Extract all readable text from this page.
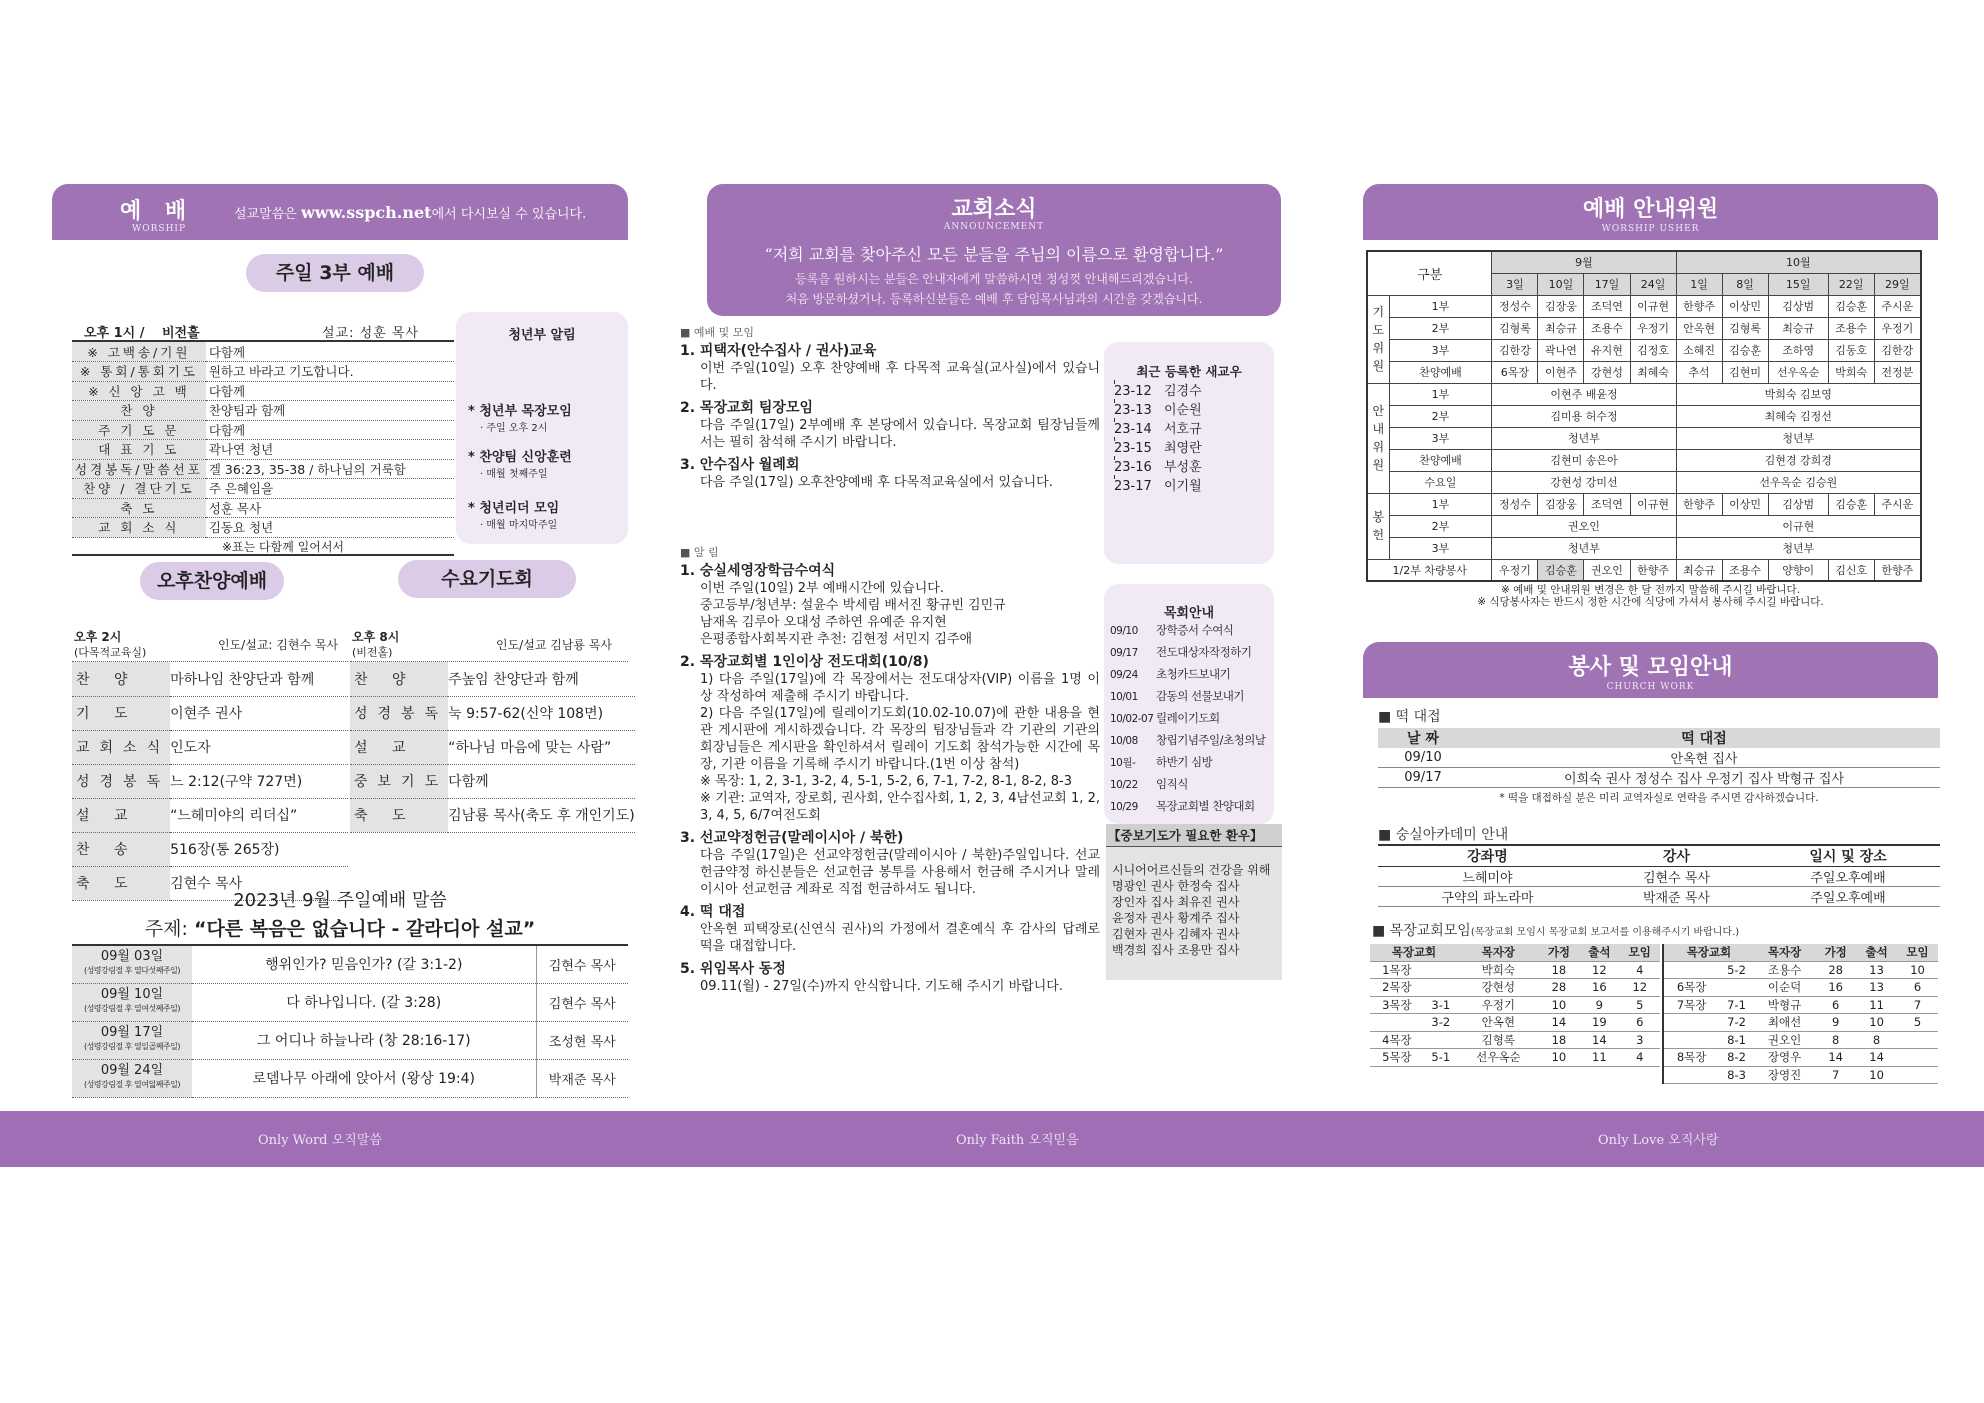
예 배
WORSHIP
설교말씀은 www.sspch.net에서 다시보실 수 있습니다.
주일 3부 예배
청년부 알림
* 청년부 목장모임
· 주일 오후 2시
* 찬양팀 신앙훈련
· 매월 첫째주일
* 청년리더 모임
· 매월 마지막주일
오후 1시 / 비전홀	설교: 성훈 목사
※ 고백송/기원	다함께
※ 통회/통회기도	원하고 바라고 기도합니다.
※ 신 앙 고 백	다함께
찬 양	찬양팀과 함께
주 기 도 문	다함께
대 표 기 도	곽나연 청년
성경봉독/말씀선포	겔 36:23, 35-38 / 하나님의 거룩함
찬양 / 결단기도	주 은혜임을
축 도	성훈 목사
교 회 소 식	김동요 청년
※표는 다함께 일어서서
오후찬양예배	수요기도회
오후 2시
(다목적교육실)
인도/설교: 김현수 목사
찬 양	마하나임 찬양단과 함께
기 도	이현주 권사
교회소식	인도자
성경봉독	느 2:12(구약 727면)
설 교	“느헤미야의 리더십”
찬 송	516장(통 265장)
축 도	김현수 목사
오후 8시
(비전홀)
인도/설교 김남룡 목사
찬 양	주높임 찬양단과 함께
성경봉독	눅 9:57-62(신약 108면)
설 교	“하나님 마음에 맞는 사람”
중보기도	다함께
축 도	김남룡 목사(축도 후 개인기도)
2023년 9월 주일예배 말씀
주제: “다른 복음은 없습니다 - 갈라디아 설교”
09월 03일
(성령강림절 후 열다섯째주일)	행위인가? 믿음인가? (갈 3:1-2)	김현수 목사

09월 10일
(성령강림절 후 열여섯째주일)	다 하나입니다. (갈 3:28)	김현수 목사

09월 17일
(성령강림절 후 열일곱째주일)	그 어디나 하늘나라 (창 28:16-17)	조성현 목사

09월 24일
(성령강림절 후 열여덟째주일)	로뎀나무 아래에 앉아서 (왕상 19:4)	박재준 목사
교회소식
ANNOUNCEMENT
“저희 교회를 찾아주신 모든 분들을 주님의 이름으로 환영합니다.”
등록을 원하시는 분들은 안내자에게 말씀하시면 정성껏 안내해드리겠습니다.
처음 방문하셨거나, 등록하신분들은 예배 후 담임목사님과의 시간을 갖겠습니다.
■ 예배 및 모임

1. 피택자(안수집사 / 권사)교육
이번 주일(10일) 오후 찬양예배 후 다목적 교육실(교사실)에서 있습니다.

2. 목장교회 팀장모임
다음 주일(17일) 2부예배 후 본당에서 있습니다. 목장교회 팀장님들께서는 필히 참석해 주시기 바랍니다.

3. 안수집사 월례회
다음 주일(17일) 오후찬양예배 후 다목적교육실에서 있습니다.

■ 알 림

1. 숭실세영장학금수여식
이번 주일(10일) 2부 예배시간에 있습니다.
중고등부/청년부: 설윤수 박세림 배서진 황규빈 김민규
남재옥 김루아 오대성 주하연 유예준 유지현
은평종합사회복지관 추천: 김현정 서민지 김주애

2. 목장교회별 1인이상 전도대회(10/8)
1) 다음 주일(17일)에 각 목장에서는 전도대상자(VIP) 이름을 1명 이상 작성하여 제출해 주시기 바랍니다.
2) 다음 주일(17일)에 릴레이기도회(10.02-10.07)에 관한 내용을 현관 게시판에 게시하겠습니다. 각 목장의 팀장님들과 각 기관의 기관의 회장님들은 게시판을 확인하셔서 릴레이 기도회 참석가능한 시간에 목장, 기관 이름을 기록해 주시기 바랍니다.(1번 이상 참석)
※ 목장: 1, 2, 3-1, 3-2, 4, 5-1, 5-2, 6, 7-1, 7-2, 8-1, 8-2, 8-3
※ 기관: 교역자, 장로회, 권사회, 안수집사회, 1, 2, 3, 4남선교회 1, 2, 3, 4, 5, 6/7여전도회

3. 선교약정헌금(말레이시아 / 북한)
다음 주일(17일)은 선교약정헌금(말레이시아 / 북한)주일입니다. 선교헌금약정 하신분들은 선교헌금 봉투를 사용해서 헌금해 주시거나 말레이시아 선교헌금 계좌로 직접 헌금하셔도 됩니다.

4. 떡 대접
안옥현 피택장로(신연식 권사)의 가정에서 결혼예식 후 감사의 답례로 떡을 대접합니다.

5. 위임목사 동정
09.11(월) - 27일(수)까지 안식합니다. 기도해 주시기 바랍니다.

최근 등록한 새교우
23-12 김경수
23-13 이순원
23-14 서호규
23-15 최영란
23-16 부성훈
23-17 이기월
목회안내
09/10 장학증서 수여식
09/17 전도대상자작정하기
09/24 초청카드보내기
10/01 감동의 선물보내기
10/02-07 릴레이기도회
10/08 창립기념주일/초청의날
10월- 하반기 심방
10/22 임직식
10/29 목장교회별 찬양대회
【중보기도가 필요한 환우】
시니어어르신들의 건강을 위해
명광인 권사 한정숙 집사
장인자 집사 최유진 권사
윤정자 권사 황계주 집사
김현자 권사 김혜자 권사
백경희 집사 조용만 집사
예배 안내위원
WORSHIP USHER
구분		9월				10월				
		3일	10일	17일	24일	1일	8일	15일	22일	29일
기도위원	1부	정성수	김장웅	조덕연	이규현	한향주	이상민	김상범	김승훈	주시운
	2부	김형록	최승규	조용수	우정기	안옥현	김형록	최승규	조용수	우정기
	3부	김한강	곽나연	유지현	김정호	소혜진	김승훈	조하영	김동호	김한강
	찬양예배	6목장	이현주	강현성	최혜숙	추석	김현미	선우옥순	박희숙	전정분
안내위원	1부	이현주 배윤정				박희숙 김보영				
	2부	김미용 허수정				최혜숙 김정선				
	3부	청년부				청년부				
	찬양예배	김현미 송은아				김현경 강희경				
	수요일	강현성 강미선				선우옥순 김승원				
봉헌	1부	정성수	김장웅	조덕연	이규현	한향주	이상민	김상범	김승훈	주시운
	2부	권오인				이규현				
	3부	청년부				청년부				
1/2부 차량봉사		우정기	김승훈	권오인	한향주	최승규	조용수	양향이	김신호	한향주
※ 예배 및 안내위원 변경은 한 달 전까지 말씀해 주시길 바랍니다.
※ 식당봉사자는 반드시 정한 시간에 식당에 가셔서 봉사해 주시길 바랍니다.
봉사 및 모임안내
CHURCH WORK
■ 떡 대접
날 짜	떡 대접
09/10	안옥현 집사
09/17	이희숙 권사 정성수 집사 우정기 집사 박형규 집사
* 떡을 대접하실 분은 미리 교역자실로 연락을 주시면 감사하겠습니다.
■ 숭실아카데미 안내
강좌명	강사	일시 및 장소
느헤미야	김현수 목사	주일오후예배
구약의 파노라마	박재준 목사	주일오후예배
■ 목장교회모임(목장교회 모임시 목장교회 보고서를 이용해주시기 바랍니다.)
목장교회		목자장	가정	출석	모임
1목장		박희숙	18	12	4
2목장		강현성	28	16	12
3목장	3-1	우정기	10	9	5
	3-2	안옥현	14	19	6
4목장		김형록	18	14	3
5목장	5-1	선우옥순	10	11	4
목장교회		목자장	가정	출석	모임
	5-2	조용수	28	13	10
6목장		이순덕	16	13	6
7목장	7-1	박형규	6	11	7
	7-2	최애선	9	10	5
	8-1	권오인	8	8	
8목장	8-2	장영우	14	14	
	8-3	장영진	7	10	
Only Word 오직말씀	Only Faith 오직믿음	Only Love 오직사랑
